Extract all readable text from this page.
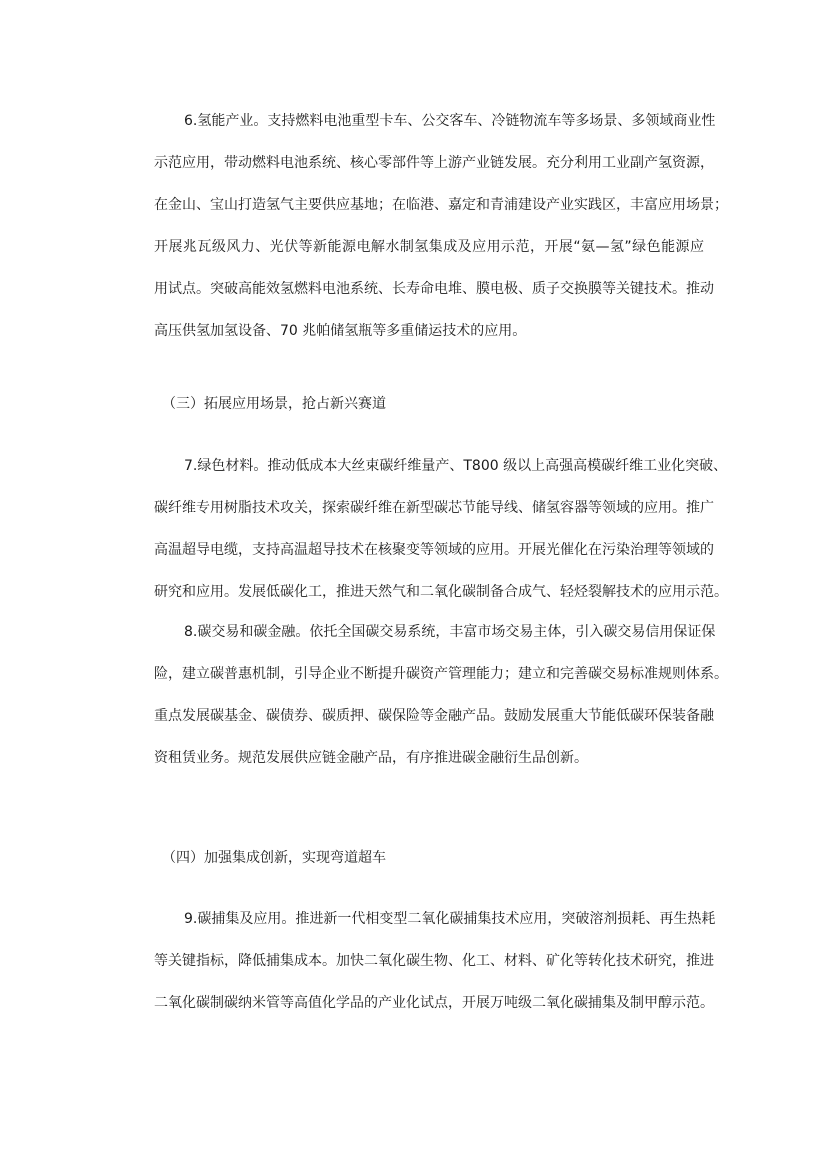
6.氢能产业。支持燃料电池重型卡车、公交客车、冷链物流车等多场景、多领域商业性
示范应用，带动燃料电池系统、核心零部件等上游产业链发展。充分利用工业副产氢资源，
在金山、宝山打造氢气主要供应基地；在临港、嘉定和青浦建设产业实践区，丰富应用场景；
开展兆瓦级风力、光伏等新能源电解水制氢集成及应用示范，开展“氨—氢”绿色能源应
用试点。突破高能效氢燃料电池系统、长寿命电堆、膜电极、质子交换膜等关键技术。推动
高压供氢加氢设备、70 兆帕储氢瓶等多重储运技术的应用。
（三）拓展应用场景，抢占新兴赛道
7.绿色材料。推动低成本大丝束碳纤维量产、T800 级以上高强高模碳纤维工业化突破、
碳纤维专用树脂技术攻关，探索碳纤维在新型碳芯节能导线、储氢容器等领域的应用。推广
高温超导电缆，支持高温超导技术在核聚变等领域的应用。开展光催化在污染治理等领域的
研究和应用。发展低碳化工，推进天然气和二氧化碳制备合成气、轻烃裂解技术的应用示范。
8.碳交易和碳金融。依托全国碳交易系统，丰富市场交易主体，引入碳交易信用保证保
险，建立碳普惠机制，引导企业不断提升碳资产管理能力；建立和完善碳交易标准规则体系。
重点发展碳基金、碳债券、碳质押、碳保险等金融产品。鼓励发展重大节能低碳环保装备融
资租赁业务。规范发展供应链金融产品，有序推进碳金融衍生品创新。
（四）加强集成创新，实现弯道超车
9.碳捕集及应用。推进新一代相变型二氧化碳捕集技术应用，突破溶剂损耗、再生热耗
等关键指标，降低捕集成本。加快二氧化碳生物、化工、材料、矿化等转化技术研究，推进
二氧化碳制碳纳米管等高值化学品的产业化试点，开展万吨级二氧化碳捕集及制甲醇示范。
